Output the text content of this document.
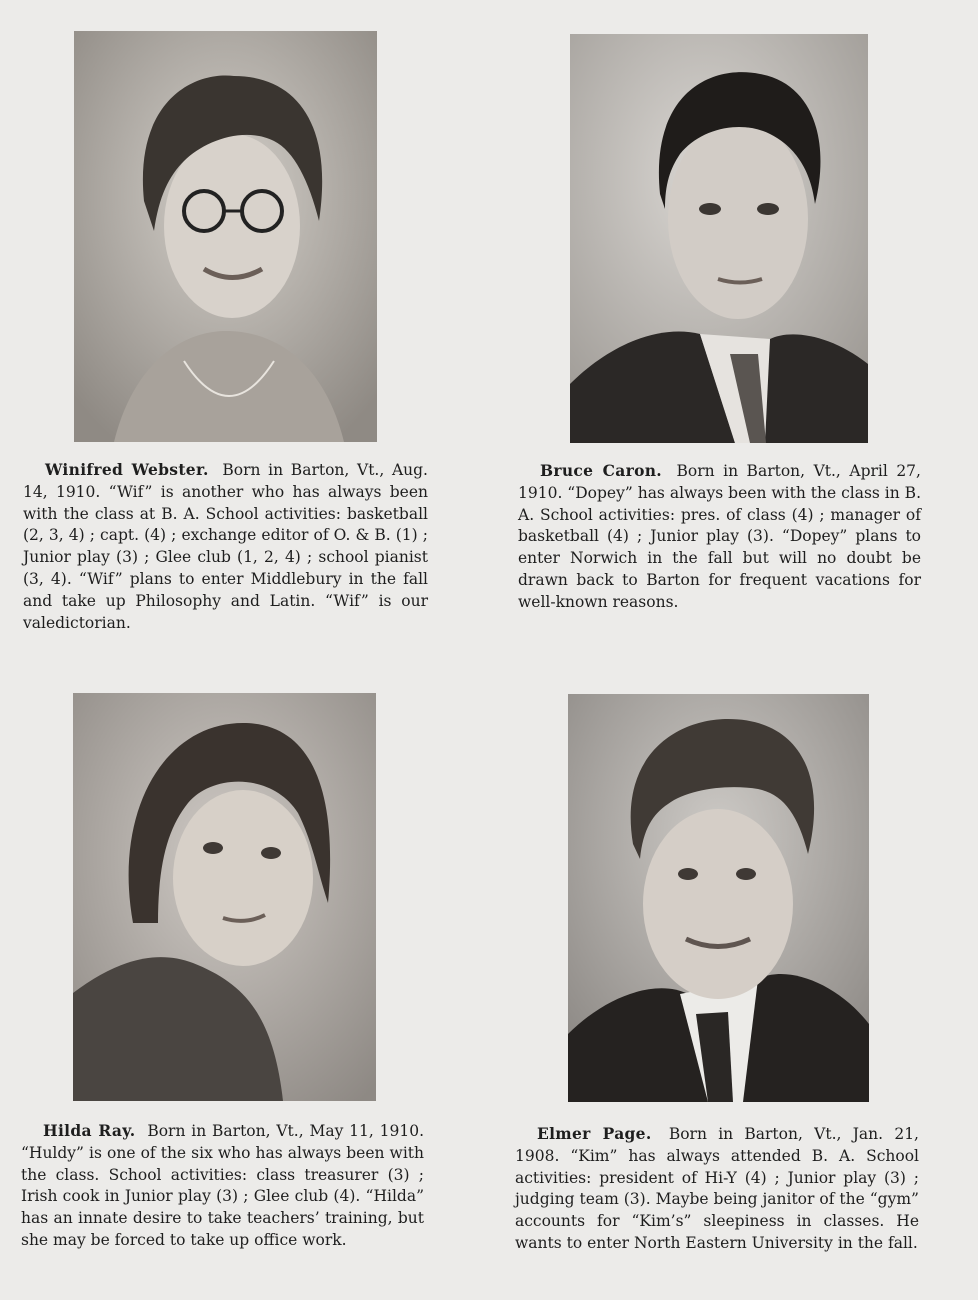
Winifred Webster. Born in Barton, Vt., Aug. 14, 1910. “Wif” is another who has always been with the class at B. A. School activities: basketball (2, 3, 4) ; capt. (4) ; exchange editor of O. & B. (1) ; Junior play (3) ; Glee club (1, 2, 4) ; school pianist (3, 4). “Wif” plans to enter Middlebury in the fall and take up Philosophy and Latin. “Wif” is our valedictorian.

Bruce Caron. Born in Barton, Vt., April 27, 1910. “Dopey” has always been with the class in B. A. School activities: pres. of class (4) ; manager of basketball (4) ; Junior play (3). “Dopey” plans to enter Norwich in the fall but will no doubt be drawn back to Barton for frequent vacations for well-known reasons.

Hilda Ray. Born in Barton, Vt., May 11, 1910. “Huldy” is one of the six who has always been with the class. School activities: class treasurer (3) ; Irish cook in Junior play (3) ; Glee club (4). “Hilda” has an innate desire to take teachers’ training, but she may be forced to take up office work.

Elmer Page. Born in Barton, Vt., Jan. 21, 1908. “Kim” has always attended B. A. School activities: president of Hi-Y (4) ; Junior play (3) ; judging team (3). Maybe being janitor of the “gym” accounts for “Kim’s” sleepiness in classes. He wants to enter North Eastern University in the fall.
